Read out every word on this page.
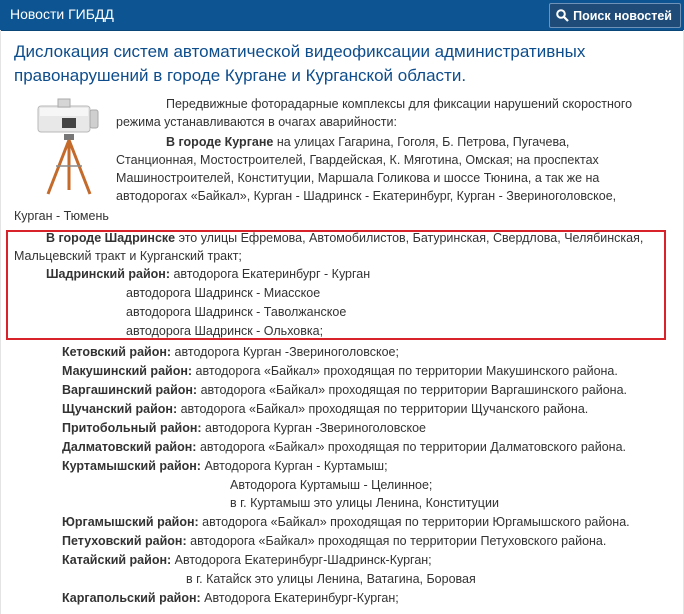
Новости ГИБДД	Поиск новостей
Дислокация систем автоматической видеофиксации административных
правонарушений в городе Кургане и Курганской области.
Передвижные фоторадарные комплексы для фиксации нарушений скоростного
режима устанавливаются в очагах аварийности:
В городе Кургане на улицах Гагарина, Гоголя, Б. Петрова, Пугачева,
Станционная, Мостостроителей, Гвардейская, К. Мяготина, Омская; на проспектах
Машиностроителей, Конституции, Маршала Голикова и шоссе Тюнина, а так же на
автодорогах «Байкал», Курган - Шадринск - Екатеринбург, Курган - Звериноголовское,
Курган - Тюмень
В городе Шадринске это улицы Ефремова, Автомобилистов, Батуринская, Свердлова, Челябинская,
Мальцевский тракт и Курганский тракт;
Шадринский район: автодорога Екатеринбург - Курган
автодорога Шадринск - Миасское
автодорога Шадринск - Таволжанское
автодорога Шадринск - Ольховка;
Кетовский район: автодорога Курган -Звериноголовское;
Макушинский район: автодорога «Байкал» проходящая по территории Макушинского района.
Варгашинский район: автодорога «Байкал» проходящая по территории Варгашинского района.
Щучанский район: автодорога «Байкал» проходящая по территории Щучанского района.
Притобольный район: автодорога Курган -Звериноголовское
Далматовский район: автодорога «Байкал» проходящая по территории Далматовского района.
Куртамышский район: Автодорога Курган - Куртамыш;
Автодорога Куртамыш - Целинное;
в г. Куртамыш это улицы Ленина, Конституции
Юргамышский район: автодорога «Байкал» проходящая по территории Юргамышского района.
Петуховский район: автодорога «Байкал» проходящая по территории Петуховского района.
Катайский район: Автодорога Екатеринбург-Шадринск-Курган;
в г. Катайск это улицы Ленина, Ватагина, Боровая
Каргапольский район: Автодорога Екатеринбург-Курган;
